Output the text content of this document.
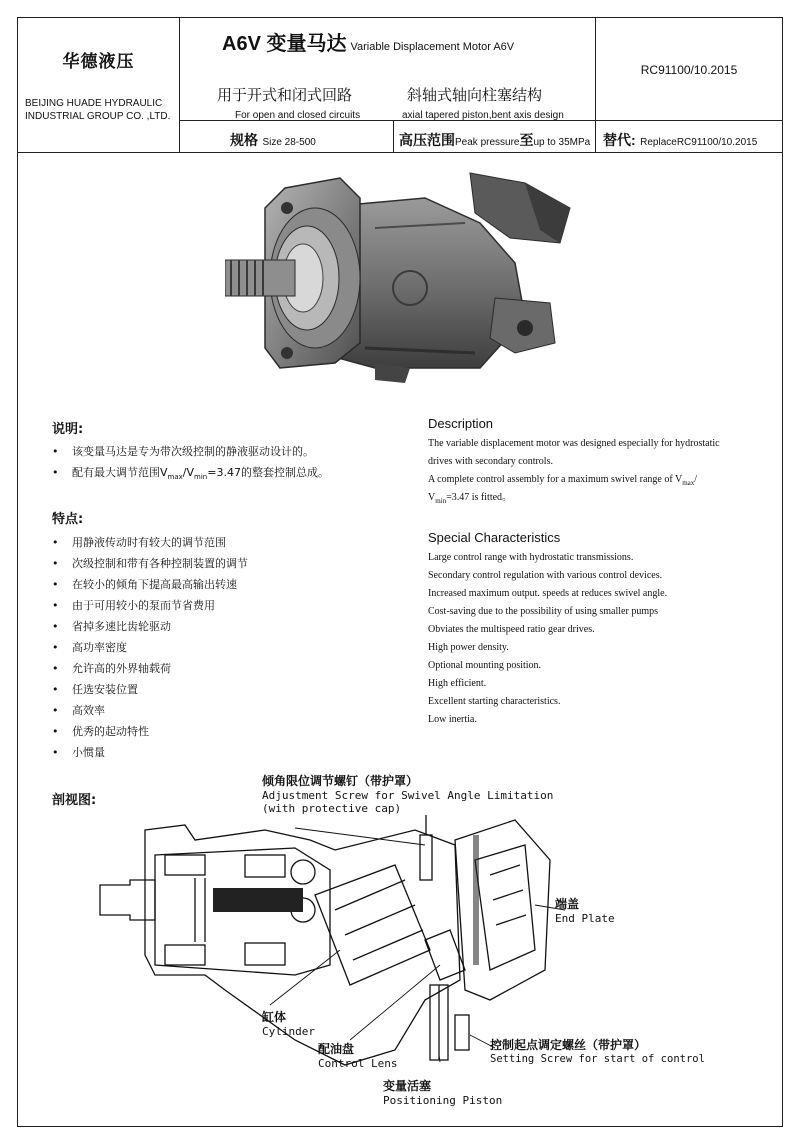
华德液压
BEIJING HUADE HYDRAULIC
INDUSTRIAL GROUP CO. ,LTD.
A6V 变量马达 Variable Displacement Motor A6V
用于开式和闭式回路
For open and closed circuits
斜轴式轴向柱塞结构
axial tapered piston,bent axis design
RC91100/10.2015
规格 Size 28-500	高压范围Peak pressure至up to 35MPa 替代: ReplaceRC91100/10.2015
说明:
• 该变量马达是专为带次级控制的静液驱动设计的。
• 配有最大调节范围$V_{max}/V_{min}=3.47$的整套控制总成。
特点:
• 用静液传动时有较大的调节范围
• 次级控制和带有各种控制装置的调节
• 在较小的倾角下提高最高输出转速
• 由于可用较小的泵而节省费用
• 省掉多速比齿轮驱动
• 高功率密度
• 允许高的外界轴载荷
• 任选安装位置
• 高效率
• 优秀的起动特性
• 小惯量
Description
The variable displacement motor was designed especially for hydrostatic
drives with secondary controls.
A complete control assembly for a maximum swivel range of $V_{max}/$
$V_{min}=3.47$ is fitted。
Special Characteristics
Large control range with hydrostatic transmissions.
Secondary control regulation with various control devices.
Increased maximum output. speeds at reduces swivel angle.
Cost-saving due to the possibility of using smaller pumps
Obviates the multispeed ratio gear drives.
High power density.
Optional mounting position.
High efficient.
Excellent starting characteristics.
Low inertia.
剖视图:
倾角限位调节螺钉（带护罩）
Adjustment Screw for Swivel Angle Limitation
(with protective cap)
端盖
End Plate
缸体
Cylinder
配油盘
Control Lens
变量活塞
Positioning Piston
控制起点调定螺丝（带护罩）
Setting Screw for start of control
